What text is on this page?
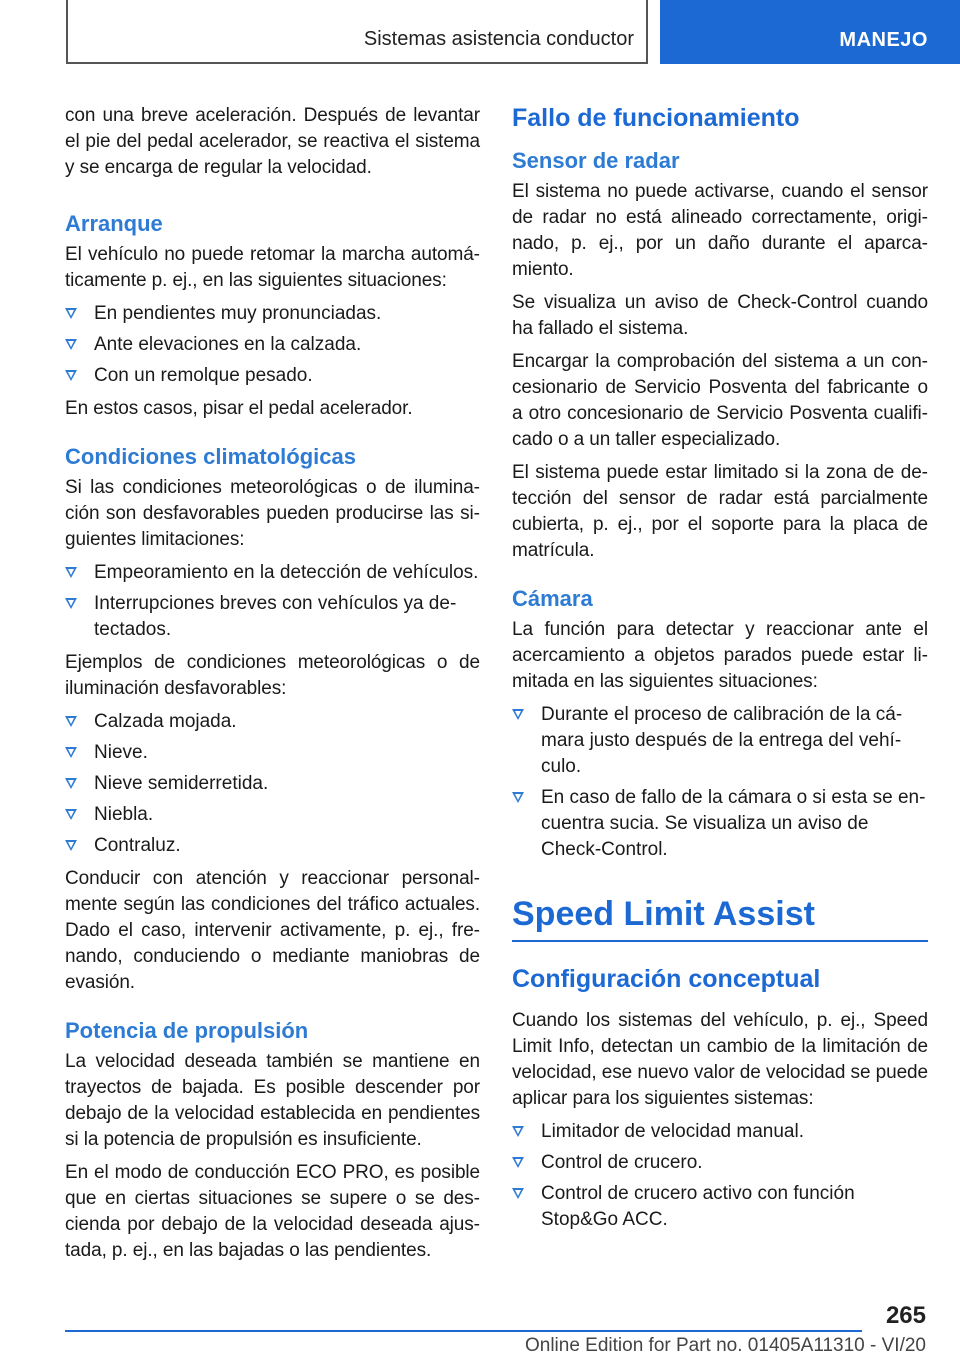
Sistemas asistencia conductor	MANEJO

con una breve aceleración. Después de levantar el pie del pedal acelerador, se reactiva el sistema y se encarga de regular la velocidad.

Arranque

El vehículo no puede retomar la marcha automáticamente p. ej., en las siguientes situaciones:

En pendientes muy pronunciadas.
Ante elevaciones en la calzada.
Con un remolque pesado.

En estos casos, pisar el pedal acelerador.

Condiciones climatológicas

Si las condiciones meteorológicas o de iluminación son desfavorables pueden producirse las siguientes limitaciones:

Empeoramiento en la detección de vehículos.
Interrupciones breves con vehículos ya detectados.

Ejemplos de condiciones meteorológicas o de iluminación desfavorables:

Calzada mojada.
Nieve.
Nieve semiderretida.
Niebla.
Contraluz.

Conducir con atención y reaccionar personalmente según las condiciones del tráfico actuales. Dado el caso, intervenir activamente, p. ej., frenando, conduciendo o mediante maniobras de evasión.

Potencia de propulsión

La velocidad deseada también se mantiene en trayectos de bajada. Es posible descender por debajo de la velocidad establecida en pendientes si la potencia de propulsión es insuficiente.

En el modo de conducción ECO PRO, es posible que en ciertas situaciones se supere o se descienda por debajo de la velocidad deseada ajustada, p. ej., en las bajadas o las pendientes.

Fallo de funcionamiento
Sensor de radar

El sistema no puede activarse, cuando el sensor de radar no está alineado correctamente, originado, p. ej., por un daño durante el aparcamiento.

Se visualiza un aviso de Check-Control cuando ha fallado el sistema.

Encargar la comprobación del sistema a un concesionario de Servicio Posventa del fabricante o a otro concesionario de Servicio Posventa cualificado o a un taller especializado.

El sistema puede estar limitado si la zona de detección del sensor de radar está parcialmente cubierta, p. ej., por el soporte para la placa de matrícula.

Cámara

La función para detectar y reaccionar ante el acercamiento a objetos parados puede estar limitada en las siguientes situaciones:

Durante el proceso de calibración de la cámara justo después de la entrega del vehículo.
En caso de fallo de la cámara o si esta se encuentra sucia. Se visualiza un aviso de Check-Control.
Speed Limit Assist
Configuración conceptual

Cuando los sistemas del vehículo, p. ej., Speed Limit Info, detectan un cambio de la limitación de velocidad, ese nuevo valor de velocidad se puede aplicar para los siguientes sistemas:

Limitador de velocidad manual.
Control de crucero.
Control de crucero activo con función Stop&Go ACC.
265
Online Edition for Part no. 01405A11310 - VI/20
